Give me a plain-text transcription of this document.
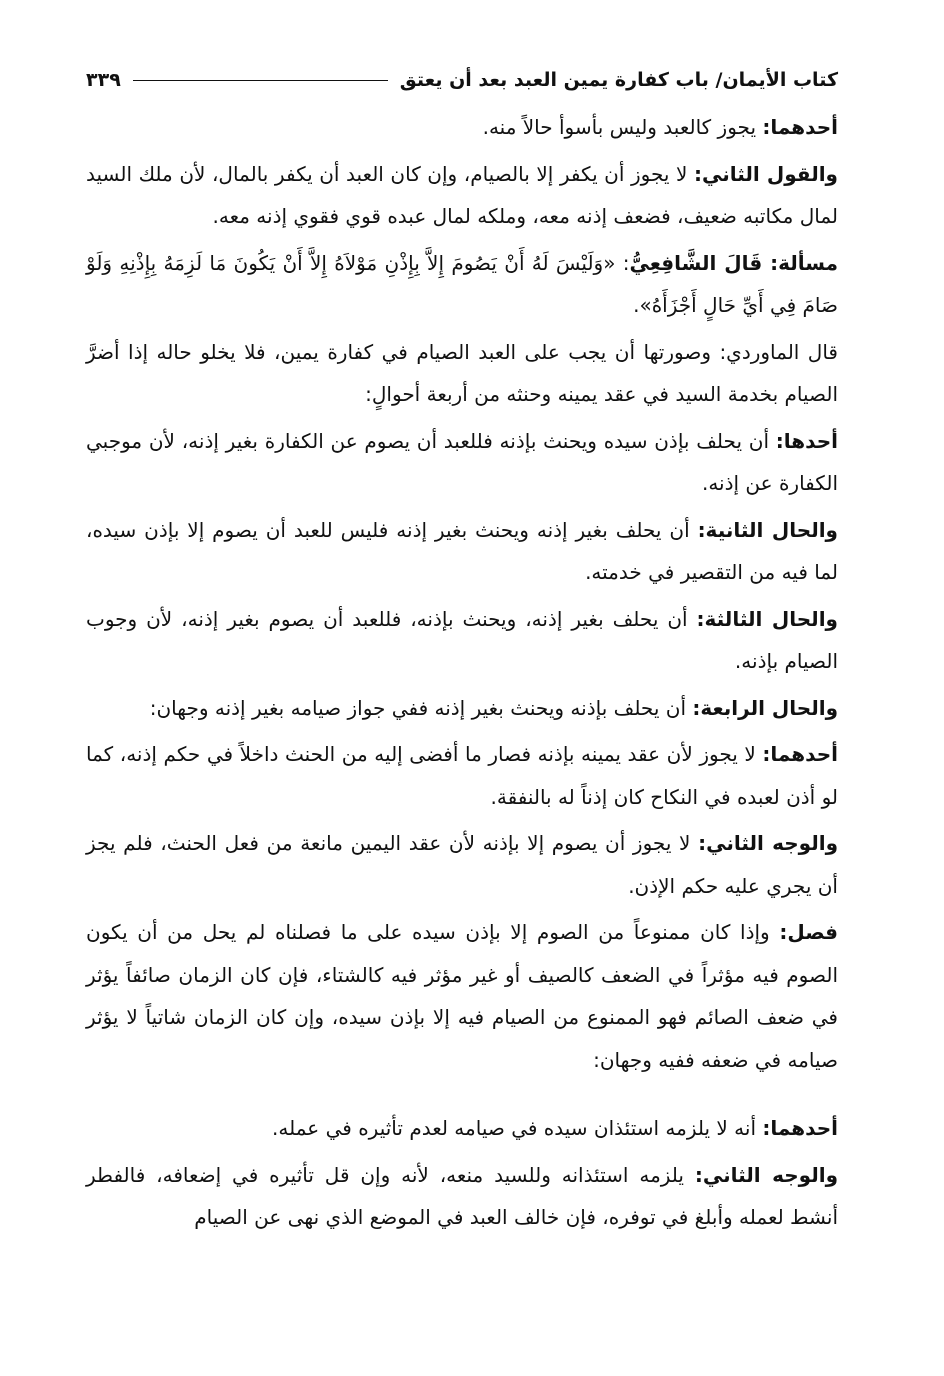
كتاب الأيمان/ باب كفارة يمين العبد بعد أن يعتق
٣٣٩

أحدهما: يجوز كالعبد وليس بأسوأ حالاً منه.

والقول الثاني: لا يجوز أن يكفر إلا بالصيام، وإن كان العبد أن يكفر بالمال، لأن ملك السيد لمال مكاتبه ضعيف، فضعف إذنه معه، وملكه لمال عبده قوي فقوي إذنه معه.

مسألة: قَالَ الشَّافِعِيُّ: «وَلَيْسَ لَهُ أَنْ يَصُومَ إِلاَّ بِإِذْنِ مَوْلاَهُ إِلاَّ أَنْ يَكُونَ مَا لَزِمَهُ بِإِذْنِهِ وَلَوْ صَامَ فِي أَيِّ حَالٍ أَجْزَأَهُ».

قال الماوردي: وصورتها أن يجب على العبد الصيام في كفارة يمين، فلا يخلو حاله إذا أضرَّ الصيام بخدمة السيد في عقد يمينه وحنثه من أربعة أحوالٍ:

أحدها: أن يحلف بإذن سيده ويحنث بإذنه فللعبد أن يصوم عن الكفارة بغير إذنه، لأن موجبي الكفارة عن إذنه.

والحال الثانية: أن يحلف بغير إذنه ويحنث بغير إذنه فليس للعبد أن يصوم إلا بإذن سيده، لما فيه من التقصير في خدمته.

والحال الثالثة: أن يحلف بغير إذنه، ويحنث بإذنه، فللعبد أن يصوم بغير إذنه، لأن وجوب الصيام بإذنه.

والحال الرابعة: أن يحلف بإذنه ويحنث بغير إذنه ففي جواز صيامه بغير إذنه وجهان:

أحدهما: لا يجوز لأن عقد يمينه بإذنه فصار ما أفضى إليه من الحنث داخلاً في حكم إذنه، كما لو أذن لعبده في النكاح كان إذناً له بالنفقة.

والوجه الثاني: لا يجوز أن يصوم إلا بإذنه لأن عقد اليمين مانعة من فعل الحنث، فلم يجز أن يجري عليه حكم الإذن.

فصل: وإذا كان ممنوعاً من الصوم إلا بإذن سيده على ما فصلناه لم يحل من أن يكون الصوم فيه مؤثراً في الضعف كالصيف أو غير مؤثر فيه كالشتاء، فإن كان الزمان صائفاً يؤثر في ضعف الصائم فهو الممنوع من الصيام فيه إلا بإذن سيده، وإن كان الزمان شاتياً لا يؤثر صيامه في ضعفه ففيه وجهان:

أحدهما: أنه لا يلزمه استئذان سيده في صيامه لعدم تأثيره في عمله.

والوجه الثاني: يلزمه استئذانه وللسيد منعه، لأنه وإن قل تأثيره في إضعافه، فالفطر أنشط لعمله وأبلغ في توفره، فإن خالف العبد في الموضع الذي نهى عن الصيام
